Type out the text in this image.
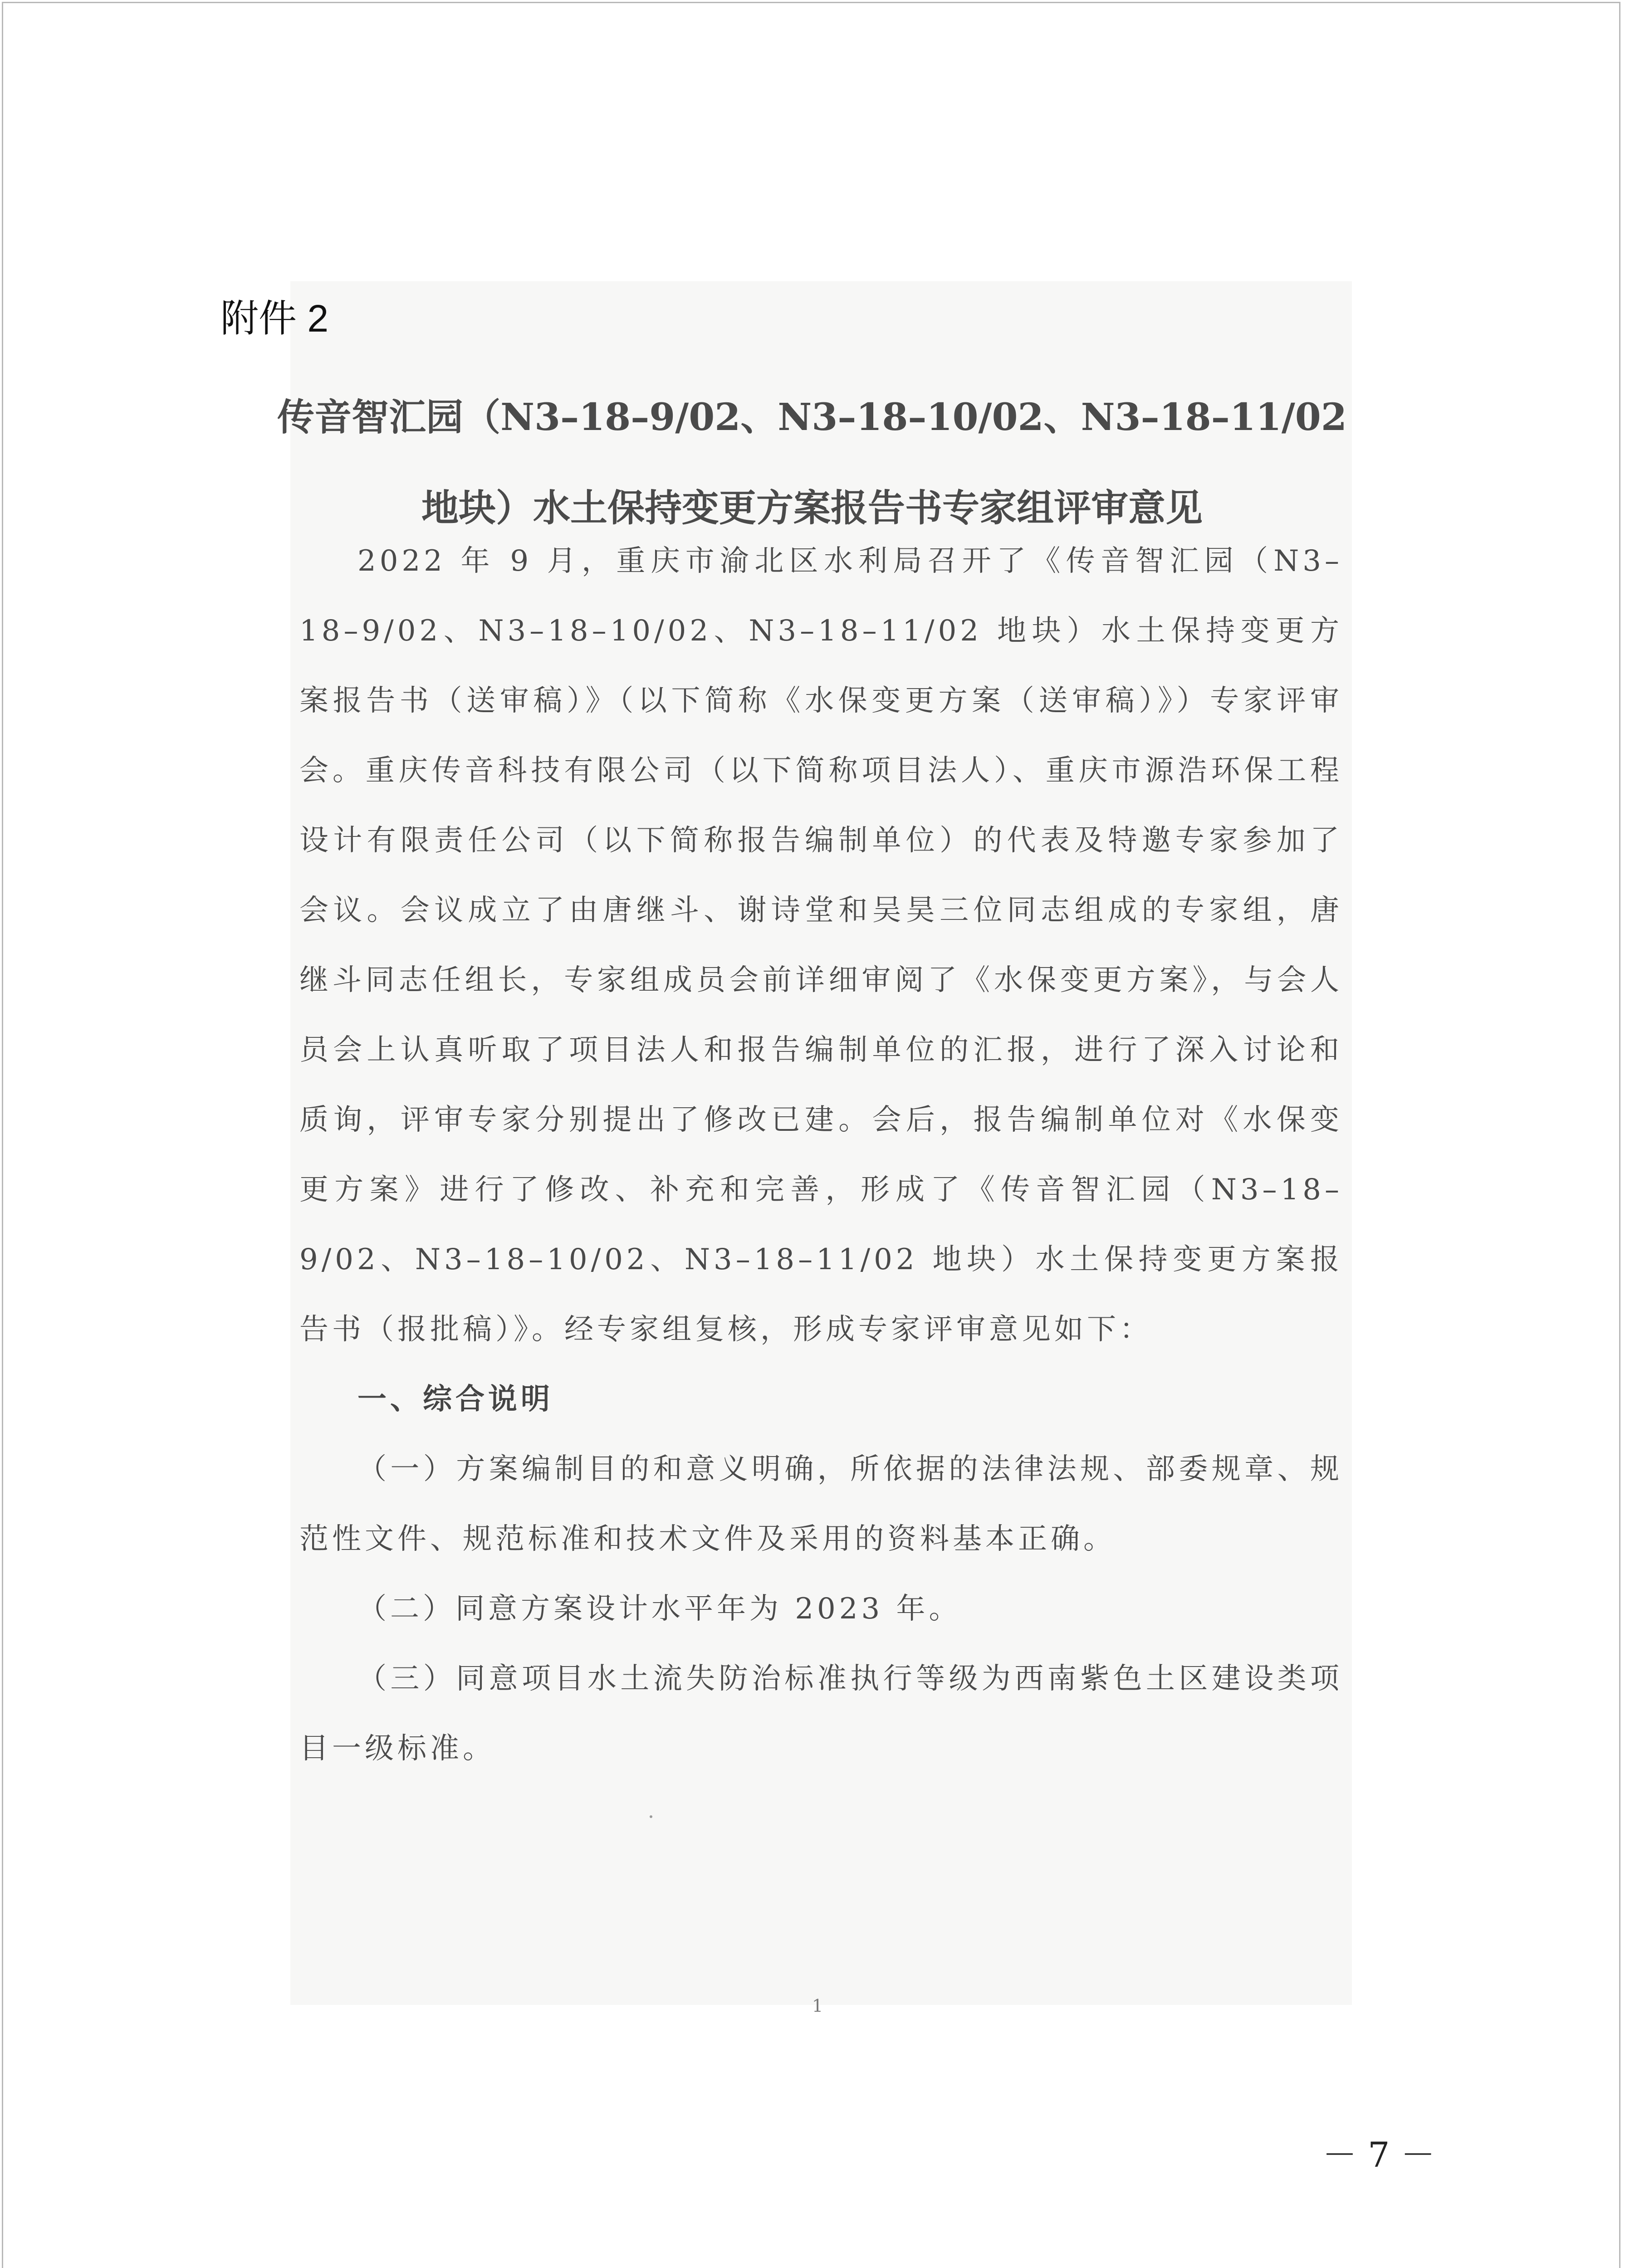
附件 2
传音智汇园（N3–18–9/02、N3–18–10/02、N3–18–11/02
地块）水土保持变更方案报告书专家组评审意见

2022 年 9 月，重庆市渝北区水利局召开了《传音智汇园（N3–18–9/02、N3–18–10/02、N3–18–11/02 地块）水土保持变更方案报告书（送审稿）》（以下简称《水保变更方案（送审稿）》）专家评审会。重庆传音科技有限公司（以下简称项目法人）、重庆市源浩环保工程设计有限责任公司（以下简称报告编制单位）的代表及特邀专家参加了会议。会议成立了由唐继斗、谢诗堂和吴昊三位同志组成的专家组，唐继斗同志任组长，专家组成员会前详细审阅了《水保变更方案》，与会人员会上认真听取了项目法人和报告编制单位的汇报，进行了深入讨论和质询，评审专家分别提出了修改已建。会后，报告编制单位对《水保变更方案》进行了修改、补充和完善，形成了《传音智汇园（N3–18–9/02、N3–18–10/02、N3–18–11/02 地块）水土保持变更方案报告书（报批稿）》。经专家组复核，形成专家评审意见如下：

一、综合说明

（一）方案编制目的和意义明确，所依据的法律法规、部委规章、规范性文件、规范标准和技术文件及采用的资料基本正确。

（二）同意方案设计水平年为 2023 年。

（三）同意项目水土流失防治标准执行等级为西南紫色土区建设类项目一级标准。

1
－ 7 －
